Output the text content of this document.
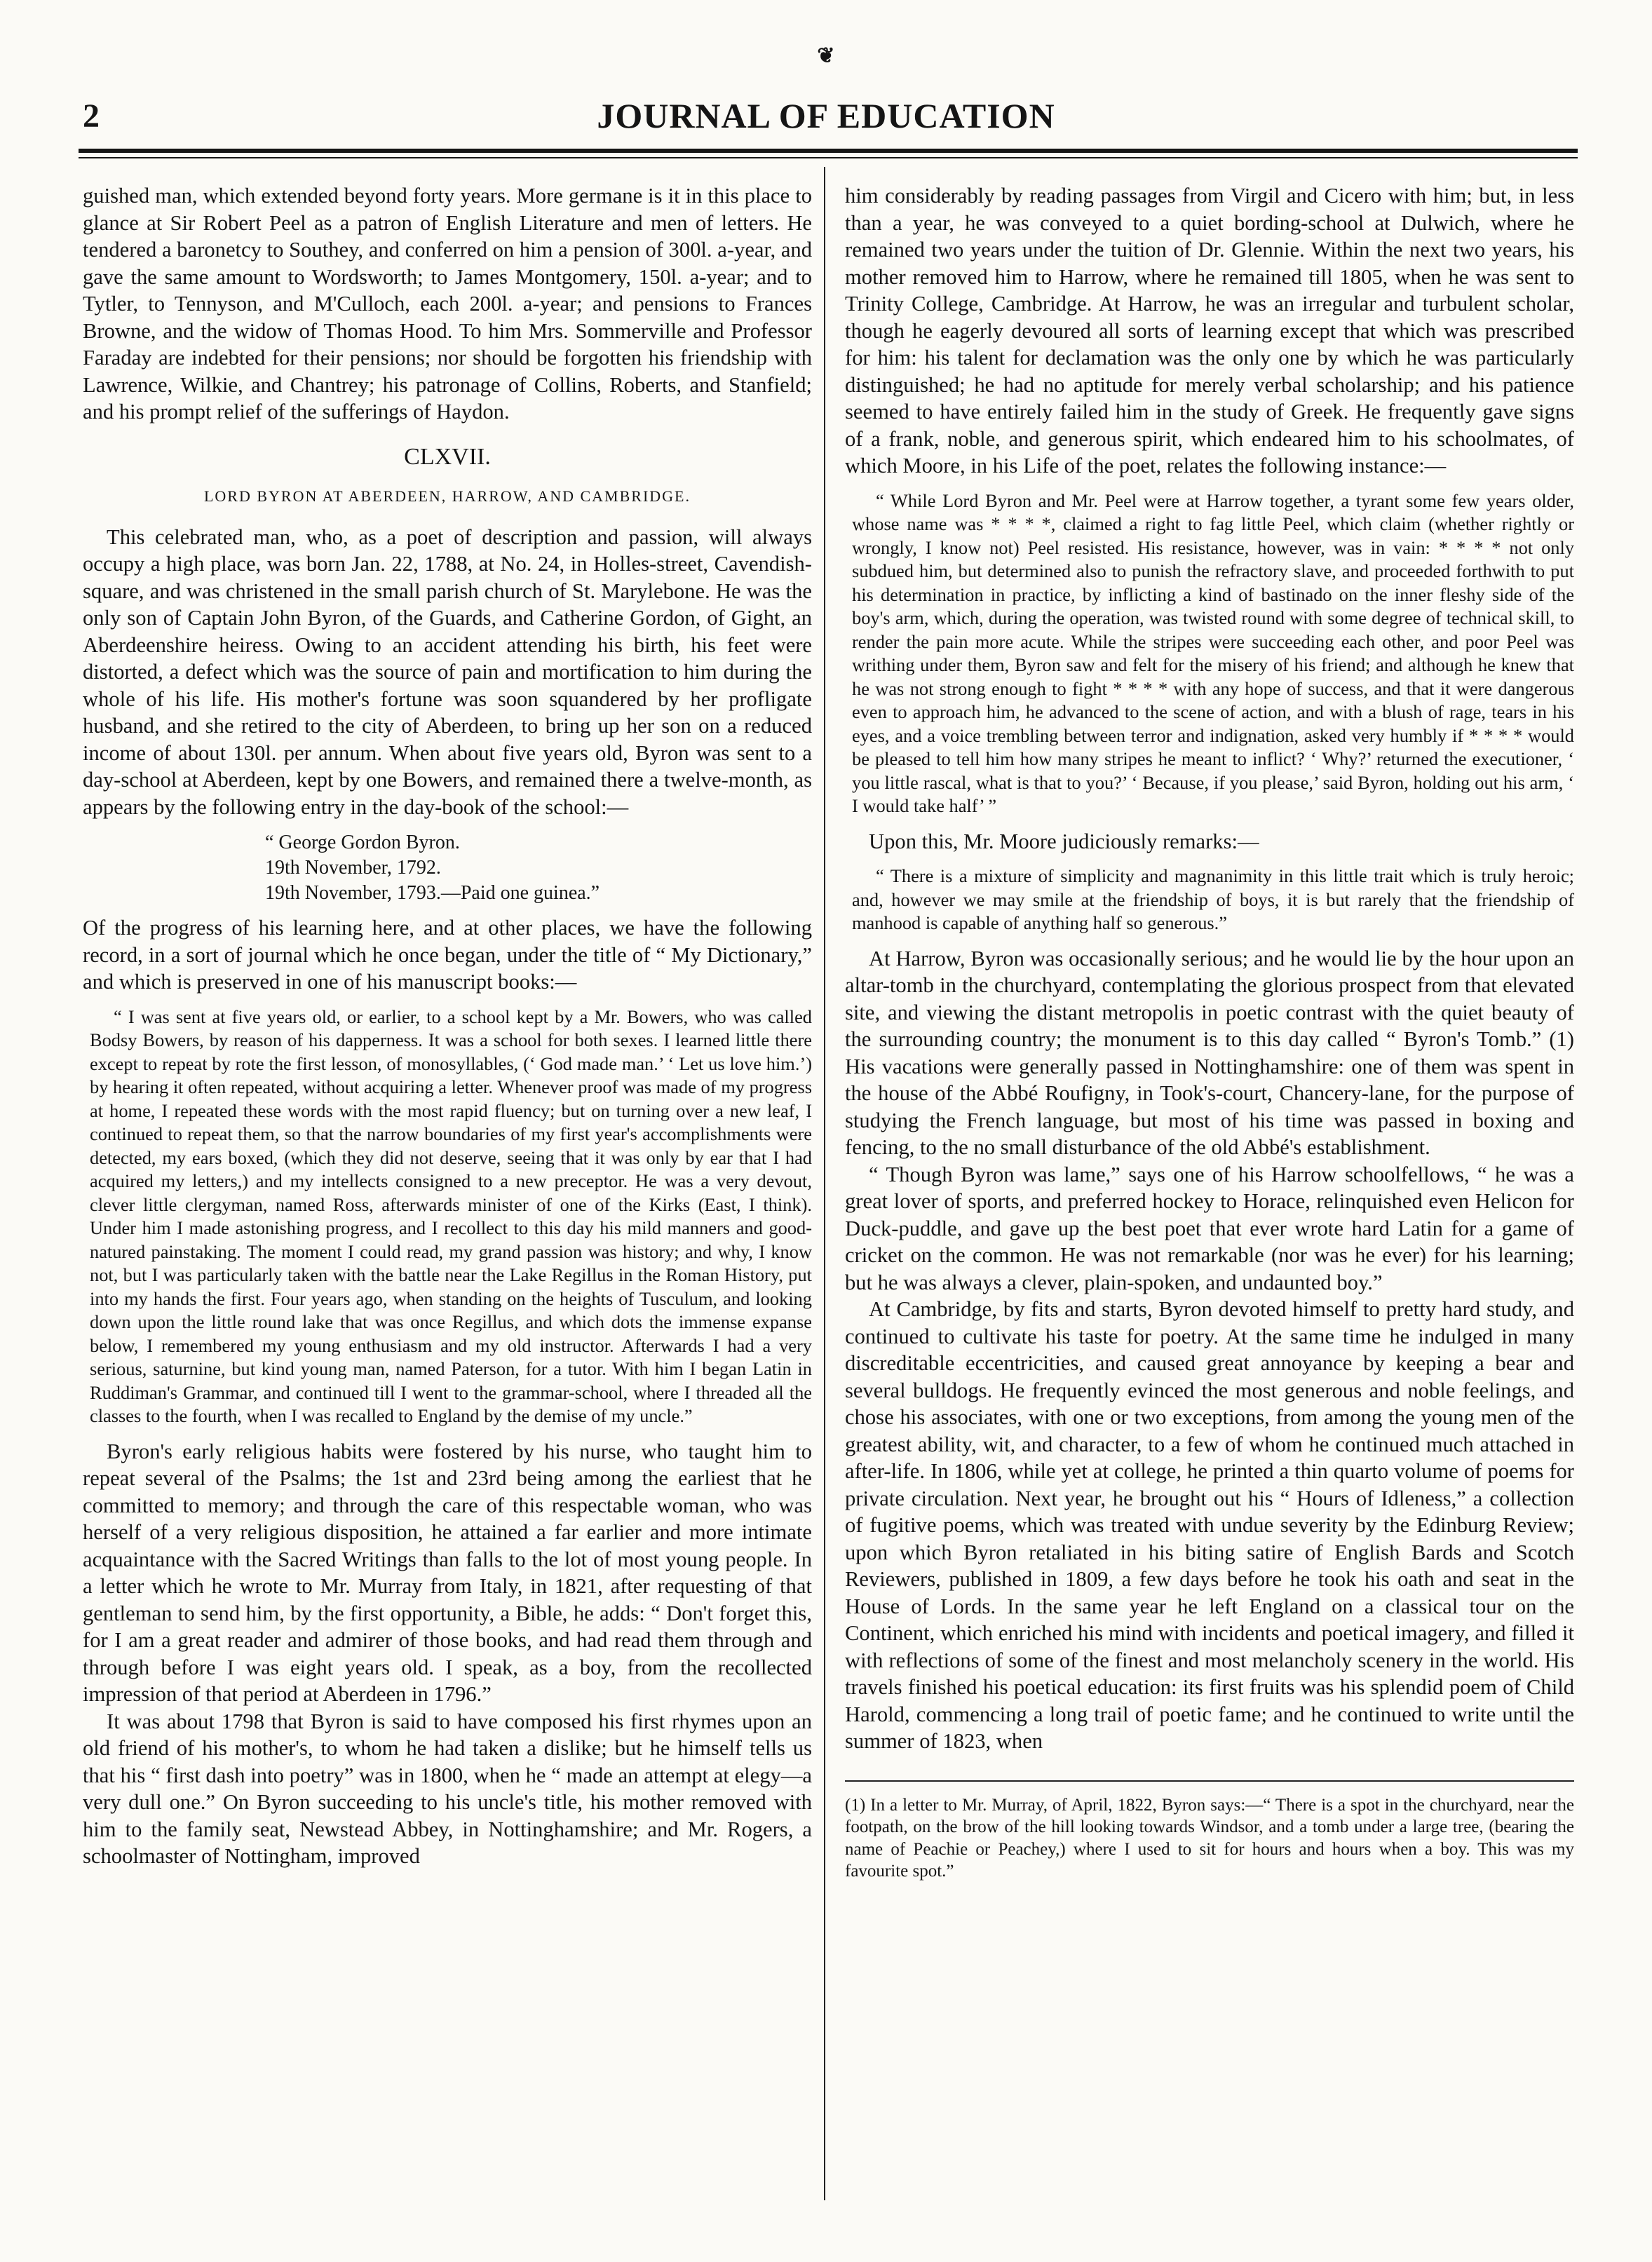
❦
2	JOURNAL OF EDUCATION

guished man, which extended beyond forty years. More germane is it in this place to glance at Sir Robert Peel as a patron of English Literature and men of letters. He tendered a baronetcy to Southey, and conferred on him a pension of 300l. a-year, and gave the same amount to Wordsworth; to James Montgomery, 150l. a-year; and to Tytler, to Tennyson, and M'Culloch, each 200l. a-year; and pensions to Frances Browne, and the widow of Thomas Hood. To him Mrs. Sommerville and Professor Faraday are indebted for their pensions; nor should be forgotten his friendship with Lawrence, Wilkie, and Chantrey; his patronage of Collins, Roberts, and Stanfield; and his prompt relief of the sufferings of Haydon.

CLXVII.
LORD BYRON AT ABERDEEN, HARROW, AND CAMBRIDGE.

This celebrated man, who, as a poet of description and passion, will always occupy a high place, was born Jan. 22, 1788, at No. 24, in Holles-street, Cavendish-square, and was christened in the small parish church of St. Marylebone. He was the only son of Captain John Byron, of the Guards, and Catherine Gordon, of Gight, an Aberdeenshire heiress. Owing to an accident attending his birth, his feet were distorted, a defect which was the source of pain and mortification to him during the whole of his life. His mother's fortune was soon squandered by her profligate husband, and she retired to the city of Aberdeen, to bring up her son on a reduced income of about 130l. per annum. When about five years old, Byron was sent to a day-school at Aberdeen, kept by one Bowers, and remained there a twelve-month, as appears by the following entry in the day-book of the school:—

“ George Gordon Byron.
19th November, 1792.
19th November, 1793.—Paid one guinea.”

Of the progress of his learning here, and at other places, we have the following record, in a sort of journal which he once began, under the title of “ My Dictionary,” and which is preserved in one of his manuscript books:—

“ I was sent at five years old, or earlier, to a school kept by a Mr. Bowers, who was called Bodsy Bowers, by reason of his dapperness. It was a school for both sexes. I learned little there except to repeat by rote the first lesson, of monosyllables, (‘ God made man.’ ‘ Let us love him.’) by hearing it often repeated, without acquiring a letter. Whenever proof was made of my progress at home, I repeated these words with the most rapid fluency; but on turning over a new leaf, I continued to repeat them, so that the narrow boundaries of my first year's accomplishments were detected, my ears boxed, (which they did not deserve, seeing that it was only by ear that I had acquired my letters,) and my intellects consigned to a new preceptor. He was a very devout, clever little clergyman, named Ross, afterwards minister of one of the Kirks (East, I think). Under him I made astonishing progress, and I recollect to this day his mild manners and good-natured painstaking. The moment I could read, my grand passion was history; and why, I know not, but I was particularly taken with the battle near the Lake Regillus in the Roman History, put into my hands the first. Four years ago, when standing on the heights of Tusculum, and looking down upon the little round lake that was once Regillus, and which dots the immense expanse below, I remembered my young enthusiasm and my old instructor. Afterwards I had a very serious, saturnine, but kind young man, named Paterson, for a tutor. With him I began Latin in Ruddiman's Grammar, and continued till I went to the grammar-school, where I threaded all the classes to the fourth, when I was recalled to England by the demise of my uncle.”

Byron's early religious habits were fostered by his nurse, who taught him to repeat several of the Psalms; the 1st and 23rd being among the earliest that he committed to memory; and through the care of this respectable woman, who was herself of a very religious disposition, he attained a far earlier and more intimate acquaintance with the Sacred Writings than falls to the lot of most young people. In a letter which he wrote to Mr. Murray from Italy, in 1821, after requesting of that gentleman to send him, by the first opportunity, a Bible, he adds: “ Don't forget this, for I am a great reader and admirer of those books, and had read them through and through before I was eight years old. I speak, as a boy, from the recollected impression of that period at Aberdeen in 1796.”

It was about 1798 that Byron is said to have composed his first rhymes upon an old friend of his mother's, to whom he had taken a dislike; but he himself tells us that his “ first dash into poetry” was in 1800, when he “ made an attempt at elegy—a very dull one.” On Byron succeeding to his uncle's title, his mother removed with him to the family seat, Newstead Abbey, in Nottinghamshire; and Mr. Rogers, a schoolmaster of Nottingham, improved

him considerably by reading passages from Virgil and Cicero with him; but, in less than a year, he was conveyed to a quiet bording-school at Dulwich, where he remained two years under the tuition of Dr. Glennie. Within the next two years, his mother removed him to Harrow, where he remained till 1805, when he was sent to Trinity College, Cambridge. At Harrow, he was an irregular and turbulent scholar, though he eagerly devoured all sorts of learning except that which was prescribed for him: his talent for declamation was the only one by which he was particularly distinguished; he had no aptitude for merely verbal scholarship; and his patience seemed to have entirely failed him in the study of Greek. He frequently gave signs of a frank, noble, and generous spirit, which endeared him to his schoolmates, of which Moore, in his Life of the poet, relates the following instance:—

“ While Lord Byron and Mr. Peel were at Harrow together, a tyrant some few years older, whose name was * * * *, claimed a right to fag little Peel, which claim (whether rightly or wrongly, I know not) Peel resisted. His resistance, however, was in vain: * * * * not only subdued him, but determined also to punish the refractory slave, and proceeded forthwith to put his determination in practice, by inflicting a kind of bastinado on the inner fleshy side of the boy's arm, which, during the operation, was twisted round with some degree of technical skill, to render the pain more acute. While the stripes were succeeding each other, and poor Peel was writhing under them, Byron saw and felt for the misery of his friend; and although he knew that he was not strong enough to fight * * * * with any hope of success, and that it were dangerous even to approach him, he advanced to the scene of action, and with a blush of rage, tears in his eyes, and a voice trembling between terror and indignation, asked very humbly if * * * * would be pleased to tell him how many stripes he meant to inflict? ‘ Why?’ returned the executioner, ‘ you little rascal, what is that to you?’ ‘ Because, if you please,’ said Byron, holding out his arm, ‘ I would take half’ ”

Upon this, Mr. Moore judiciously remarks:—

“ There is a mixture of simplicity and magnanimity in this little trait which is truly heroic; and, however we may smile at the friendship of boys, it is but rarely that the friendship of manhood is capable of anything half so generous.”

At Harrow, Byron was occasionally serious; and he would lie by the hour upon an altar-tomb in the churchyard, contemplating the glorious prospect from that elevated site, and viewing the distant metropolis in poetic contrast with the quiet beauty of the surrounding country; the monument is to this day called “ Byron's Tomb.” (1) His vacations were generally passed in Nottinghamshire: one of them was spent in the house of the Abbé Roufigny, in Took's-court, Chancery-lane, for the purpose of studying the French language, but most of his time was passed in boxing and fencing, to the no small disturbance of the old Abbé's establishment.

“ Though Byron was lame,” says one of his Harrow schoolfellows, “ he was a great lover of sports, and preferred hockey to Horace, relinquished even Helicon for Duck-puddle, and gave up the best poet that ever wrote hard Latin for a game of cricket on the common. He was not remarkable (nor was he ever) for his learning; but he was always a clever, plain-spoken, and undaunted boy.”

At Cambridge, by fits and starts, Byron devoted himself to pretty hard study, and continued to cultivate his taste for poetry. At the same time he indulged in many discreditable eccentricities, and caused great annoyance by keeping a bear and several bulldogs. He frequently evinced the most generous and noble feelings, and chose his associates, with one or two exceptions, from among the young men of the greatest ability, wit, and character, to a few of whom he continued much attached in after-life. In 1806, while yet at college, he printed a thin quarto volume of poems for private circulation. Next year, he brought out his “ Hours of Idleness,” a collection of fugitive poems, which was treated with undue severity by the Edinburg Review; upon which Byron retaliated in his biting satire of English Bards and Scotch Reviewers, published in 1809, a few days before he took his oath and seat in the House of Lords. In the same year he left England on a classical tour on the Continent, which enriched his mind with incidents and poetical imagery, and filled it with reflections of some of the finest and most melancholy scenery in the world. His travels finished his poetical education: its first fruits was his splendid poem of Child Harold, commencing a long trail of poetic fame; and he continued to write until the summer of 1823, when

(1) In a letter to Mr. Murray, of April, 1822, Byron says:—“ There is a spot in the churchyard, near the footpath, on the brow of the hill looking towards Windsor, and a tomb under a large tree, (bearing the name of Peachie or Peachey,) where I used to sit for hours and hours when a boy. This was my favourite spot.”
